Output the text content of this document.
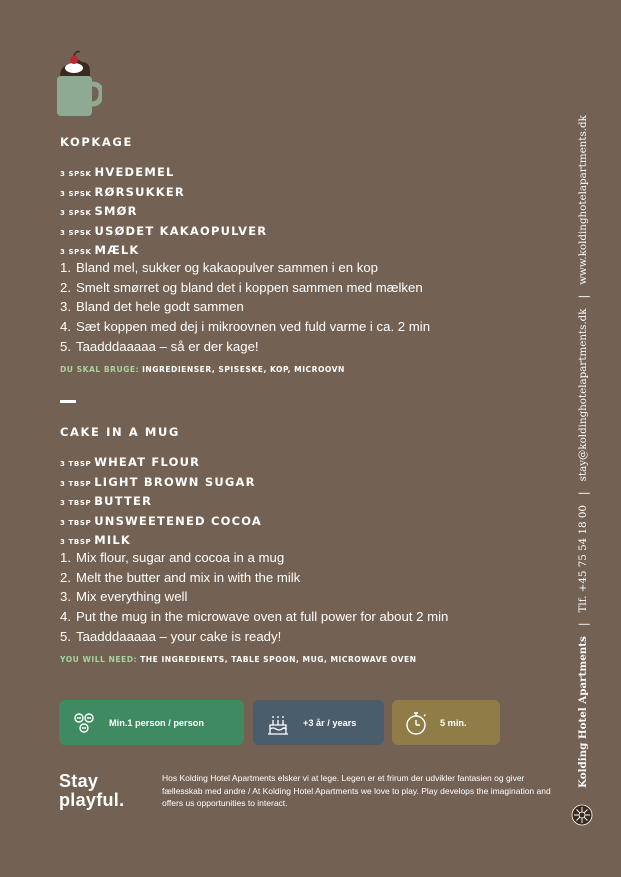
KOPKAGE
3 SPSK HVEDEMEL
3 SPSK RØRSUKKER
3 SPSK SMØR
3 SPSK USØDET KAKAOPULVER
3 SPSK MÆLK
1. Bland mel, sukker og kakaopulver sammen i en kop
2. Smelt smørret og bland det i koppen sammen med mælken
3. Bland det hele godt sammen
4. Sæt koppen med dej i mikroovnen ved fuld varme i ca. 2 min
5. Taadddaaaaa – så er der kage!
DU SKAL BRUGE: INGREDIENSER, SPISESKE, KOP, MICROOVN
CAKE IN A MUG
3 TBSP WHEAT FLOUR
3 TBSP LIGHT BROWN SUGAR
3 TBSP BUTTER
3 TBSP UNSWEETENED COCOA
3 TBSP MILK
1. Mix flour, sugar and cocoa in a mug
2. Melt the butter and mix in with the milk
3. Mix everything well
4. Put the mug in the microwave oven at full power for about 2 min
5. Taadddaaaaa – your cake is ready!
YOU WILL NEED: THE INGREDIENTS, TABLE SPOON, MUG, MICROWAVE OVEN
Min.1 person / person	+3 år / years	5 min.
Stay
playful.
Hos Kolding Hotel Apartments elsker vi at lege. Legen er et frirum der udvikler fantasien og giver fællesskab med andre / At Kolding Hotel Apartments we love to play. Play develops the imagination and offers us opportunities to interact.
Kolding Hotel Apartments
|
Tlf. +45 75 54 18 00
|
stay@koldinghotelapartments.dk
|
www.koldinghotelapartments.dk
